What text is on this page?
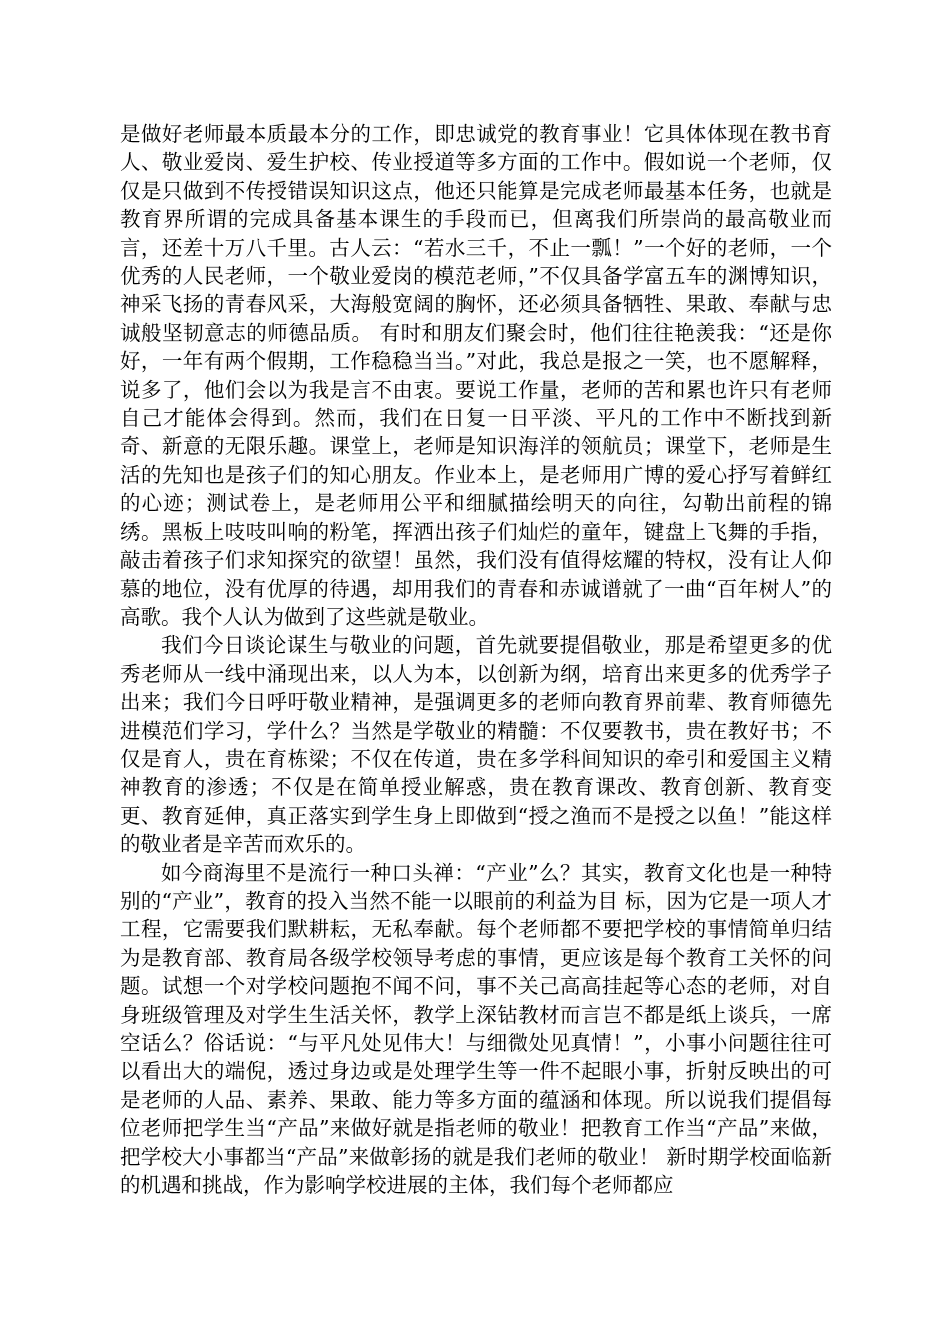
是做好老师最本质最本分的工作，即忠诚党的教育事业！它具体体现在教书育人、敬业爱岗、爱生护校、传业授道等多方面的工作中。假如说一个老师，仅仅是只做到不传授错误知识这点，他还只能算是完成老师最基本任务，也就是教育界所谓的完成具备基本课生的手段而已，但离我们所崇尚的最高敬业而言，还差十万八千里。古人云：“若水三千，不止一瓢！”一个好的老师，一个优秀的人民老师，一个敬业爱岗的模范老师，”不仅具备学富五车的渊博知识，神采飞扬的青春风采，大海般宽阔的胸怀，还必须具备牺牲、果敢、奉献与忠诚般坚韧意志的师德品质。 有时和朋友们聚会时，他们往往艳羡我：“还是你好，一年有两个假期，工作稳稳当当。”对此，我总是报之一笑，也不愿解释，说多了，他们会以为我是言不由衷。要说工作量，老师的苦和累也许只有老师自己才能体会得到。然而，我们在日复一日平淡、平凡的工作中不断找到新奇、新意的无限乐趣。课堂上，老师是知识海洋的领航员；课堂下，老师是生活的先知也是孩子们的知心朋友。作业本上，是老师用广博的爱心抒写着鲜红的心迹；测试卷上，是老师用公平和细腻描绘明天的向往，勾勒出前程的锦绣。黑板上吱吱叫响的粉笔，挥洒出孩子们灿烂的童年，键盘上飞舞的手指，敲击着孩子们求知探究的欲望！虽然，我们没有值得炫耀的特权，没有让人仰慕的地位，没有优厚的待遇，却用我们的青春和赤诚谱就了一曲“百年树人”的高歌。我个人认为做到了这些就是敬业。

我们今日谈论谋生与敬业的问题，首先就要提倡敬业，那是希望更多的优秀老师从一线中涌现出来，以人为本，以创新为纲，培育出来更多的优秀学子出来；我们今日呼吁敬业精神，是强调更多的老师向教育界前辈、教育师德先进模范们学习，学什么？当然是学敬业的精髓：不仅要教书，贵在教好书；不仅是育人，贵在育栋梁；不仅在传道，贵在多学科间知识的牵引和爱国主义精神教育的渗透；不仅是在简单授业解惑，贵在教育课改、教育创新、教育变更、教育延伸，真正落实到学生身上即做到“授之渔而不是授之以鱼！”能这样的敬业者是辛苦而欢乐的。

如今商海里不是流行一种口头禅：“产业”么？其实，教育文化也是一种特别的“产业”，教育的投入当然不能一以眼前的利益为目 标，因为它是一项人才工程，它需要我们默耕耘，无私奉献。每个老师都不要把学校的事情简单归结为是教育部、教育局各级学校领导考虑的事情，更应该是每个教育工关怀的问题。试想一个对学校问题抱不闻不问，事不关己高高挂起等心态的老师，对自身班级管理及对学生生活关怀，教学上深钻教材而言岂不都是纸上谈兵，一席空话么？俗话说：“与平凡处见伟大！与细微处见真情！”，小事小问题往往可以看出大的端倪，透过身边或是处理学生等一件不起眼小事，折射反映出的可是老师的人品、素养、果敢、能力等多方面的蕴涵和体现。所以说我们提倡每位老师把学生当“产品”来做好就是指老师的敬业！把教育工作当“产品”来做，把学校大小事都当“产品”来做彰扬的就是我们老师的敬业！ 新时期学校面临新的机遇和挑战，作为影响学校进展的主体，我们每个老师都应
